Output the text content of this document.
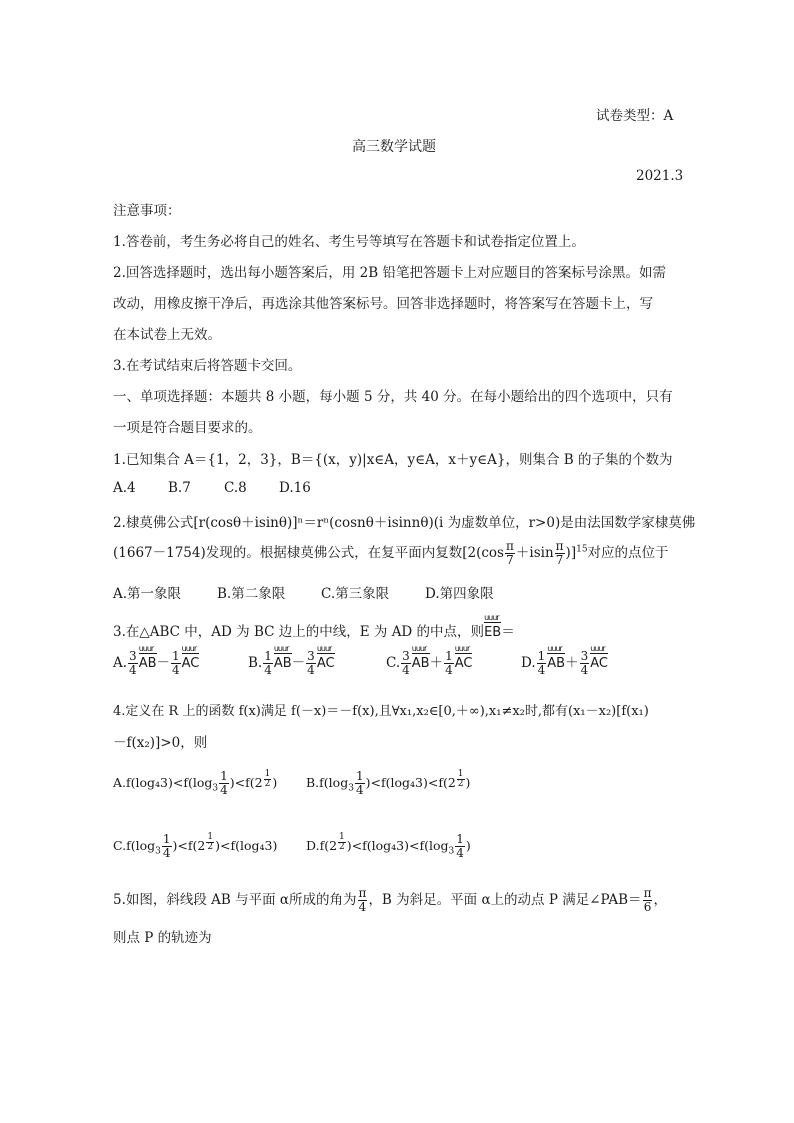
试卷类型：A
高三数学试题
2021.3
注意事项：
1.答卷前，考生务必将自己的姓名、考生号等填写在答题卡和试卷指定位置上。
2.回答选择题时，选出每小题答案后，用 2B 铅笔把答题卡上对应题目的答案标号涂黑。如需
改动，用橡皮擦干净后，再选涂其他答案标号。回答非选择题时，将答案写在答题卡上，写
在本试卷上无效。
3.在考试结束后将答题卡交回。
一、单项选择题：本题共 8 小题，每小题 5 分，共 40 分。在每小题给出的四个选项中，只有
一项是符合题目要求的。
1.已知集合 A＝{1，2，3}，B＝{(x，y)|x∈A，y∈A，x＋y∈A}，则集合 B 的子集的个数为
A.4 B.7 C.8 D.16
2.棣莫佛公式[r(cosθ＋isinθ)]ⁿ＝rⁿ(cosnθ＋isinnθ)(i 为虚数单位，r>0)是由法国数学家棣莫佛
(1667－1754)发现的。根据棣莫佛公式，在复平面内复数$[2(\cos \frac{\pi}{7} +isin \frac{\pi}{7} )]^{15}$对应的点位于
A.第一象限	B.第二象限	C.第三象限	D.第四象限
3.在△ABC 中，AD 为 BC 边上的中线，E 为 AD 的中点，则
uuur
EB＝
A. $\frac{3}{4}$
uuur
$AB- \frac{1}{4}$
uuur
AC	B. $\frac{1}{4}$
uuur
$AB- \frac{3}{4}$
uuur
AC	C. $\frac{3}{4}$
uuur
$AB+ \frac{1}{4}$
uuur
AC	D. $\frac{1}{4}$
uuur
$AB+ \frac{3}{4}$
uuur
AC
4.定义在 R 上的函数 f(x)满足 f(－x)＝－f(x),且∀x₁,x₂∈[0,＋∞),x₁≠x₂时,都有(x₁－x₂)[f(x₁)
－f(x₂)]>0，则
$A.f(\log_43)<f(\log_3 \frac{1}{4} )<f(2$ $^{\frac{1}{2}}$ ) $B.f(\log_3 \frac{1}{4} )<f(\log_43)<f(2$ $^{\frac{1}{2}}$ )
$C.f(\log_3 \frac{1}{4} )<f(2$ $^{\frac{1}{2}}$ )<f(log₄3) D.f(2 $^{\frac{1}{2}}$ )$<f(\log_43)<f(\log_3 \frac{1}{4}$ )
5.如图，斜线段 AB 与平面 α所成的角为 $\frac{\pi}{4}$ ，B 为斜足。平面 α上的动点 P 满足∠PAB＝ $\frac{\pi}{6}$ ，
则点 P 的轨迹为
